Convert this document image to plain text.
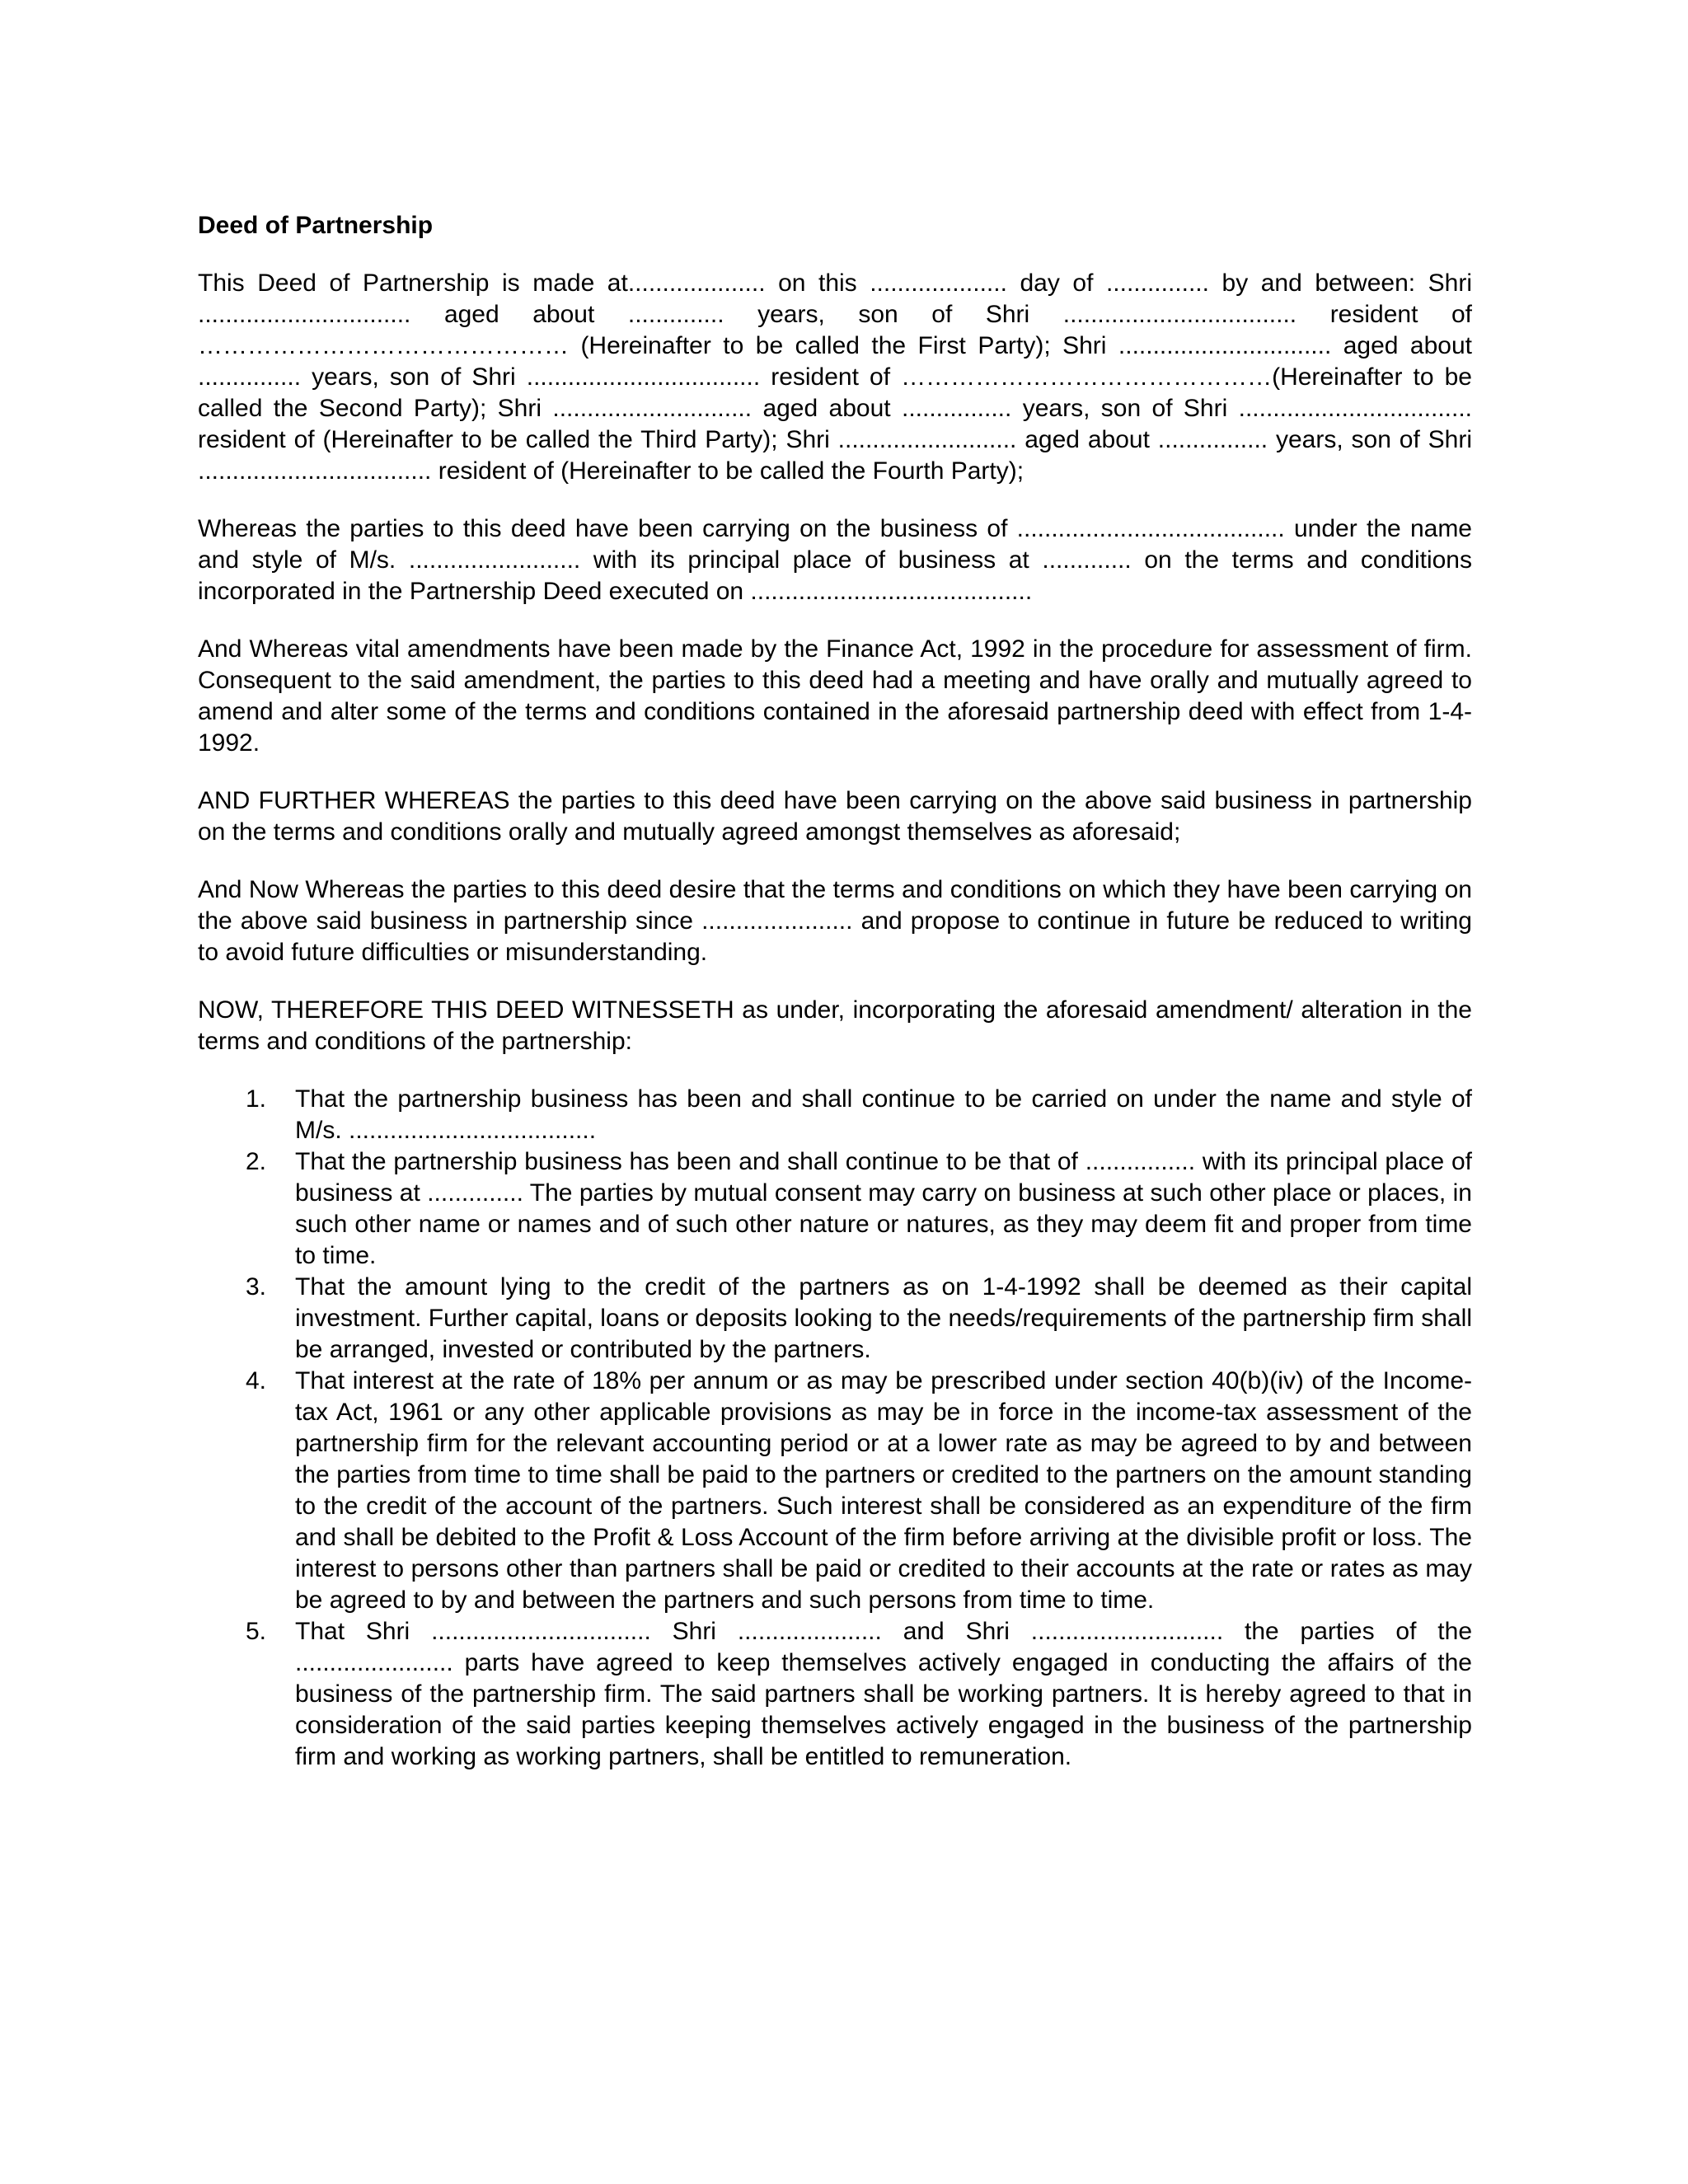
Deed of Partnership

This Deed of Partnership is made at.................... on this .................... day of ............... by and between: Shri ............................... aged about .............. years, son of Shri .................................. resident of ……………………………………… (Hereinafter to be called the First Party); Shri ............................... aged about ............... years, son of Shri .................................. resident of ………………………………………(Hereinafter to be called the Second Party); Shri ............................. aged about ................ years, son of Shri .................................. resident of (Hereinafter to be called the Third Party); Shri .......................... aged about ................ years, son of Shri .................................. resident of (Hereinafter to be called the Fourth Party);

Whereas the parties to this deed have been carrying on the business of ....................................... under the name and style of M/s. ......................... with its principal place of business at ............. on the terms and conditions incorporated in the Partnership Deed executed on .........................................

And Whereas vital amendments have been made by the Finance Act, 1992 in the procedure for assessment of firm. Consequent to the said amendment, the parties to this deed had a meeting and have orally and mutually agreed to amend and alter some of the terms and conditions contained in the aforesaid partnership deed with effect from 1-4-1992.

AND FURTHER WHEREAS the parties to this deed have been carrying on the above said business in partnership on the terms and conditions orally and mutually agreed amongst themselves as aforesaid;

And Now Whereas the parties to this deed desire that the terms and conditions on which they have been carrying on the above said business in partnership since ...................... and propose to continue in future be reduced to writing to avoid future difficulties or misunderstanding.

NOW, THEREFORE THIS DEED WITNESSETH as under, incorporating the aforesaid amendment/ alteration in the terms and conditions of the partnership:

1. That the partnership business has been and shall continue to be carried on under the name and style of M/s. ....................................
2. That the partnership business has been and shall continue to be that of ................ with its principal place of business at .............. The parties by mutual consent may carry on business at such other place or places, in such other name or names and of such other nature or natures, as they may deem fit and proper from time to time.
3. That the amount lying to the credit of the partners as on 1-4-1992 shall be deemed as their capital investment. Further capital, loans or deposits looking to the needs/requirements of the partnership firm shall be arranged, invested or contributed by the partners.
4. That interest at the rate of 18% per annum or as may be prescribed under section 40(b)(iv) of the Income-tax Act, 1961 or any other applicable provisions as may be in force in the income-tax assessment of the partnership firm for the relevant accounting period or at a lower rate as may be agreed to by and between the parties from time to time shall be paid to the partners or credited to the partners on the amount standing to the credit of the account of the partners. Such interest shall be considered as an expenditure of the firm and shall be debited to the Profit & Loss Account of the firm before arriving at the divisible profit or loss. The interest to persons other than partners shall be paid or credited to their accounts at the rate or rates as may be agreed to by and between the partners and such persons from time to time.
5. That Shri ................................ Shri ..................... and Shri ............................ the parties of the ....................... parts have agreed to keep themselves actively engaged in conducting the affairs of the business of the partnership firm. The said partners shall be working partners. It is hereby agreed to that in consideration of the said parties keeping themselves actively engaged in the business of the partnership firm and working as working partners, shall be entitled to remuneration.
